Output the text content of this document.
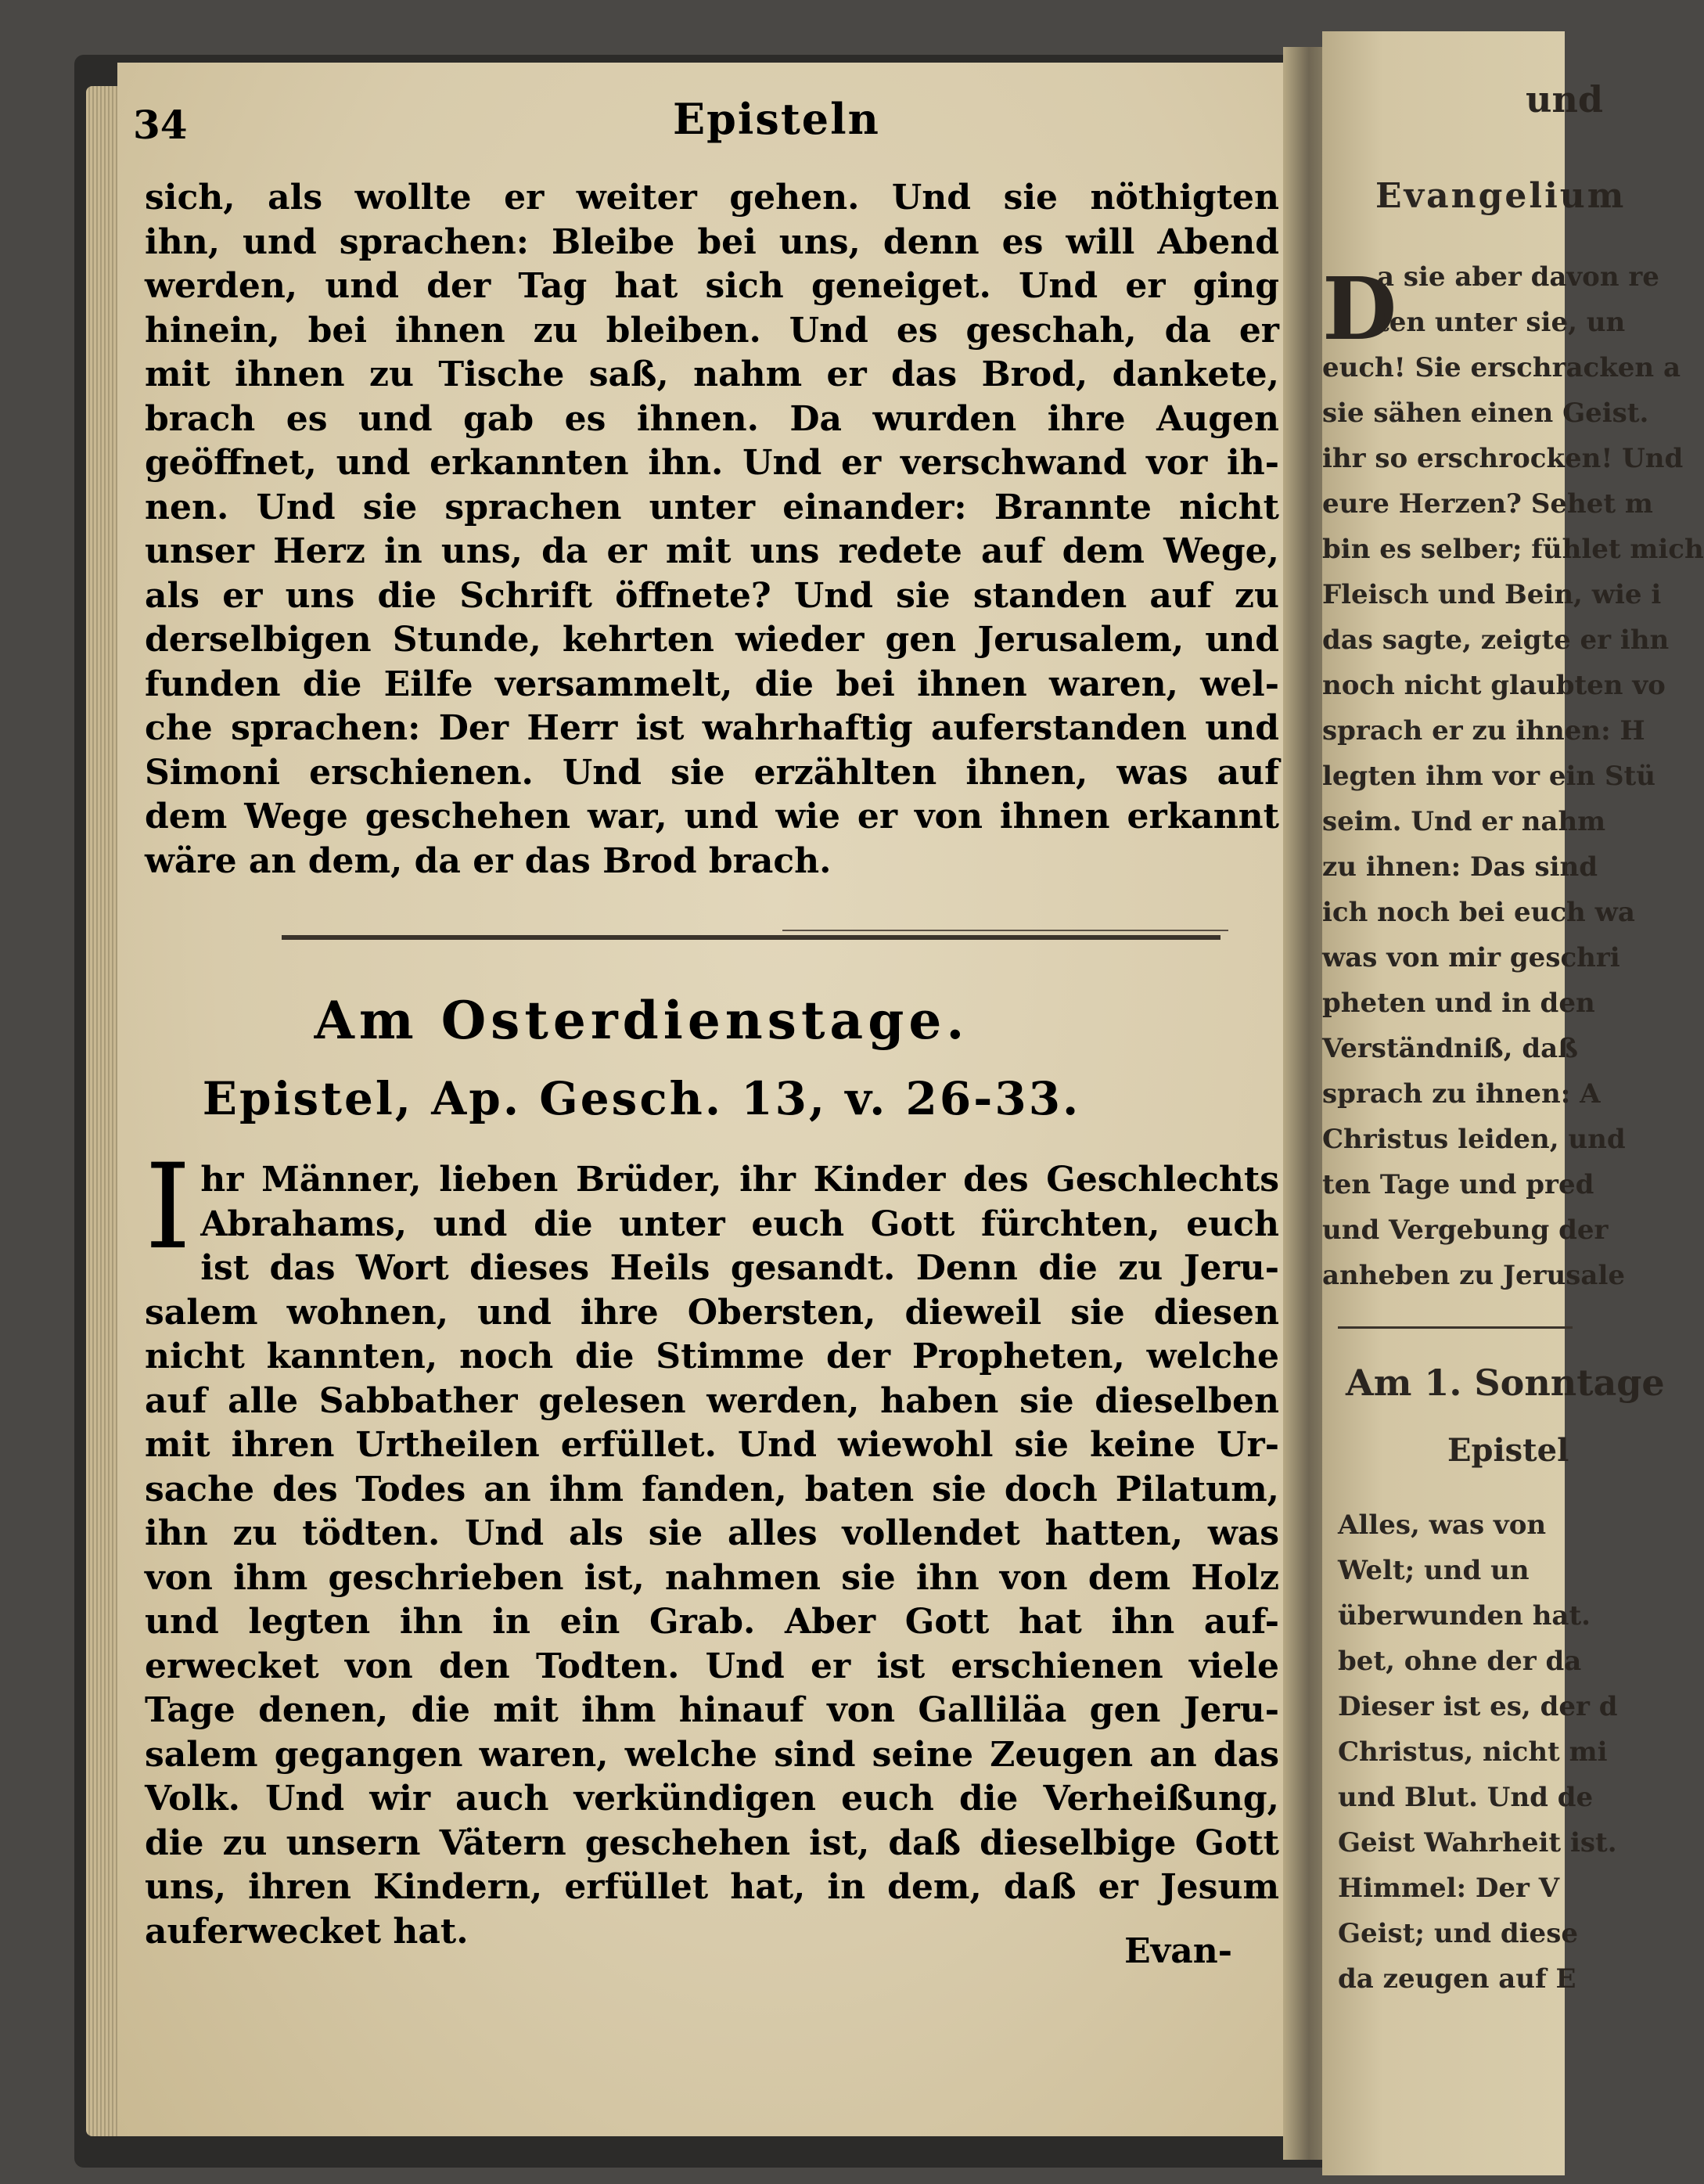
34	Episteln
sich, als wollte er weiter gehen. Und sie nöthigten
ihn, und sprachen: Bleibe bei uns, denn es will Abend
werden, und der Tag hat sich geneiget. Und er ging
hinein, bei ihnen zu bleiben. Und es geschah, da er
mit ihnen zu Tische saß, nahm er das Brod, dankete,
brach es und gab es ihnen. Da wurden ihre Augen
geöffnet, und erkannten ihn. Und er verschwand vor ih-
nen. Und sie sprachen unter einander: Brannte nicht
unser Herz in uns, da er mit uns redete auf dem Wege,
als er uns die Schrift öffnete? Und sie standen auf zu
derselbigen Stunde, kehrten wieder gen Jerusalem, und
funden die Eilfe versammelt, die bei ihnen waren, wel-
che sprachen: Der Herr ist wahrhaftig auferstanden und
Simoni erschienen. Und sie erzählten ihnen, was auf
dem Wege geschehen war, und wie er von ihnen erkannt
wäre an dem, da er das Brod brach.
Am Osterdienstage.
Epistel, Ap. Gesch. 13, v. 26-33.
I hr Männer, lieben Brüder, ihr Kinder des Geschlechts
Abrahams, und die unter euch Gott fürchten, euch
ist das Wort dieses Heils gesandt. Denn die zu Jeru-
salem wohnen, und ihre Obersten, dieweil sie diesen
nicht kannten, noch die Stimme der Propheten, welche
auf alle Sabbather gelesen werden, haben sie dieselben
mit ihren Urtheilen erfüllet. Und wiewohl sie keine Ur-
sache des Todes an ihm fanden, baten sie doch Pilatum,
ihn zu tödten. Und als sie alles vollendet hatten, was
von ihm geschrieben ist, nahmen sie ihn von dem Holz
und legten ihn in ein Grab. Aber Gott hat ihn auf-
erwecket von den Todten. Und er ist erschienen viele
Tage denen, die mit ihm hinauf von Galliläa gen Jeru-
salem gegangen waren, welche sind seine Zeugen an das
Volk. Und wir auch verkündigen euch die Verheißung,
die zu unsern Vätern geschehen ist, daß dieselbige Gott
uns, ihren Kindern, erfüllet hat, in dem, daß er Jesum
auferwecket hat.	Evan-
und
Evangelium
D
a sie aber davon re
ten unter sie, un
euch! Sie erschracken a
sie sähen einen Geist.
ihr so erschrocken! Und
eure Herzen? Sehet m
bin es selber; fühlet mich
Fleisch und Bein, wie i
das sagte, zeigte er ihn
noch nicht glaubten vo
sprach er zu ihnen: H
legten ihm vor ein Stü
seim. Und er nahm
zu ihnen: Das sind
ich noch bei euch wa
was von mir geschri
pheten und in den
Verständniß, daß
sprach zu ihnen: A
Christus leiden, und
ten Tage und pred
und Vergebung der
anheben zu Jerusale
Am 1. Sonntage
Epistel
Alles, was von
Welt; und un
überwunden hat.
bet, ohne der da
Dieser ist es, der d
Christus, nicht mi
und Blut. Und de
Geist Wahrheit ist.
Himmel: Der V
Geist; und diese
da zeugen auf E
